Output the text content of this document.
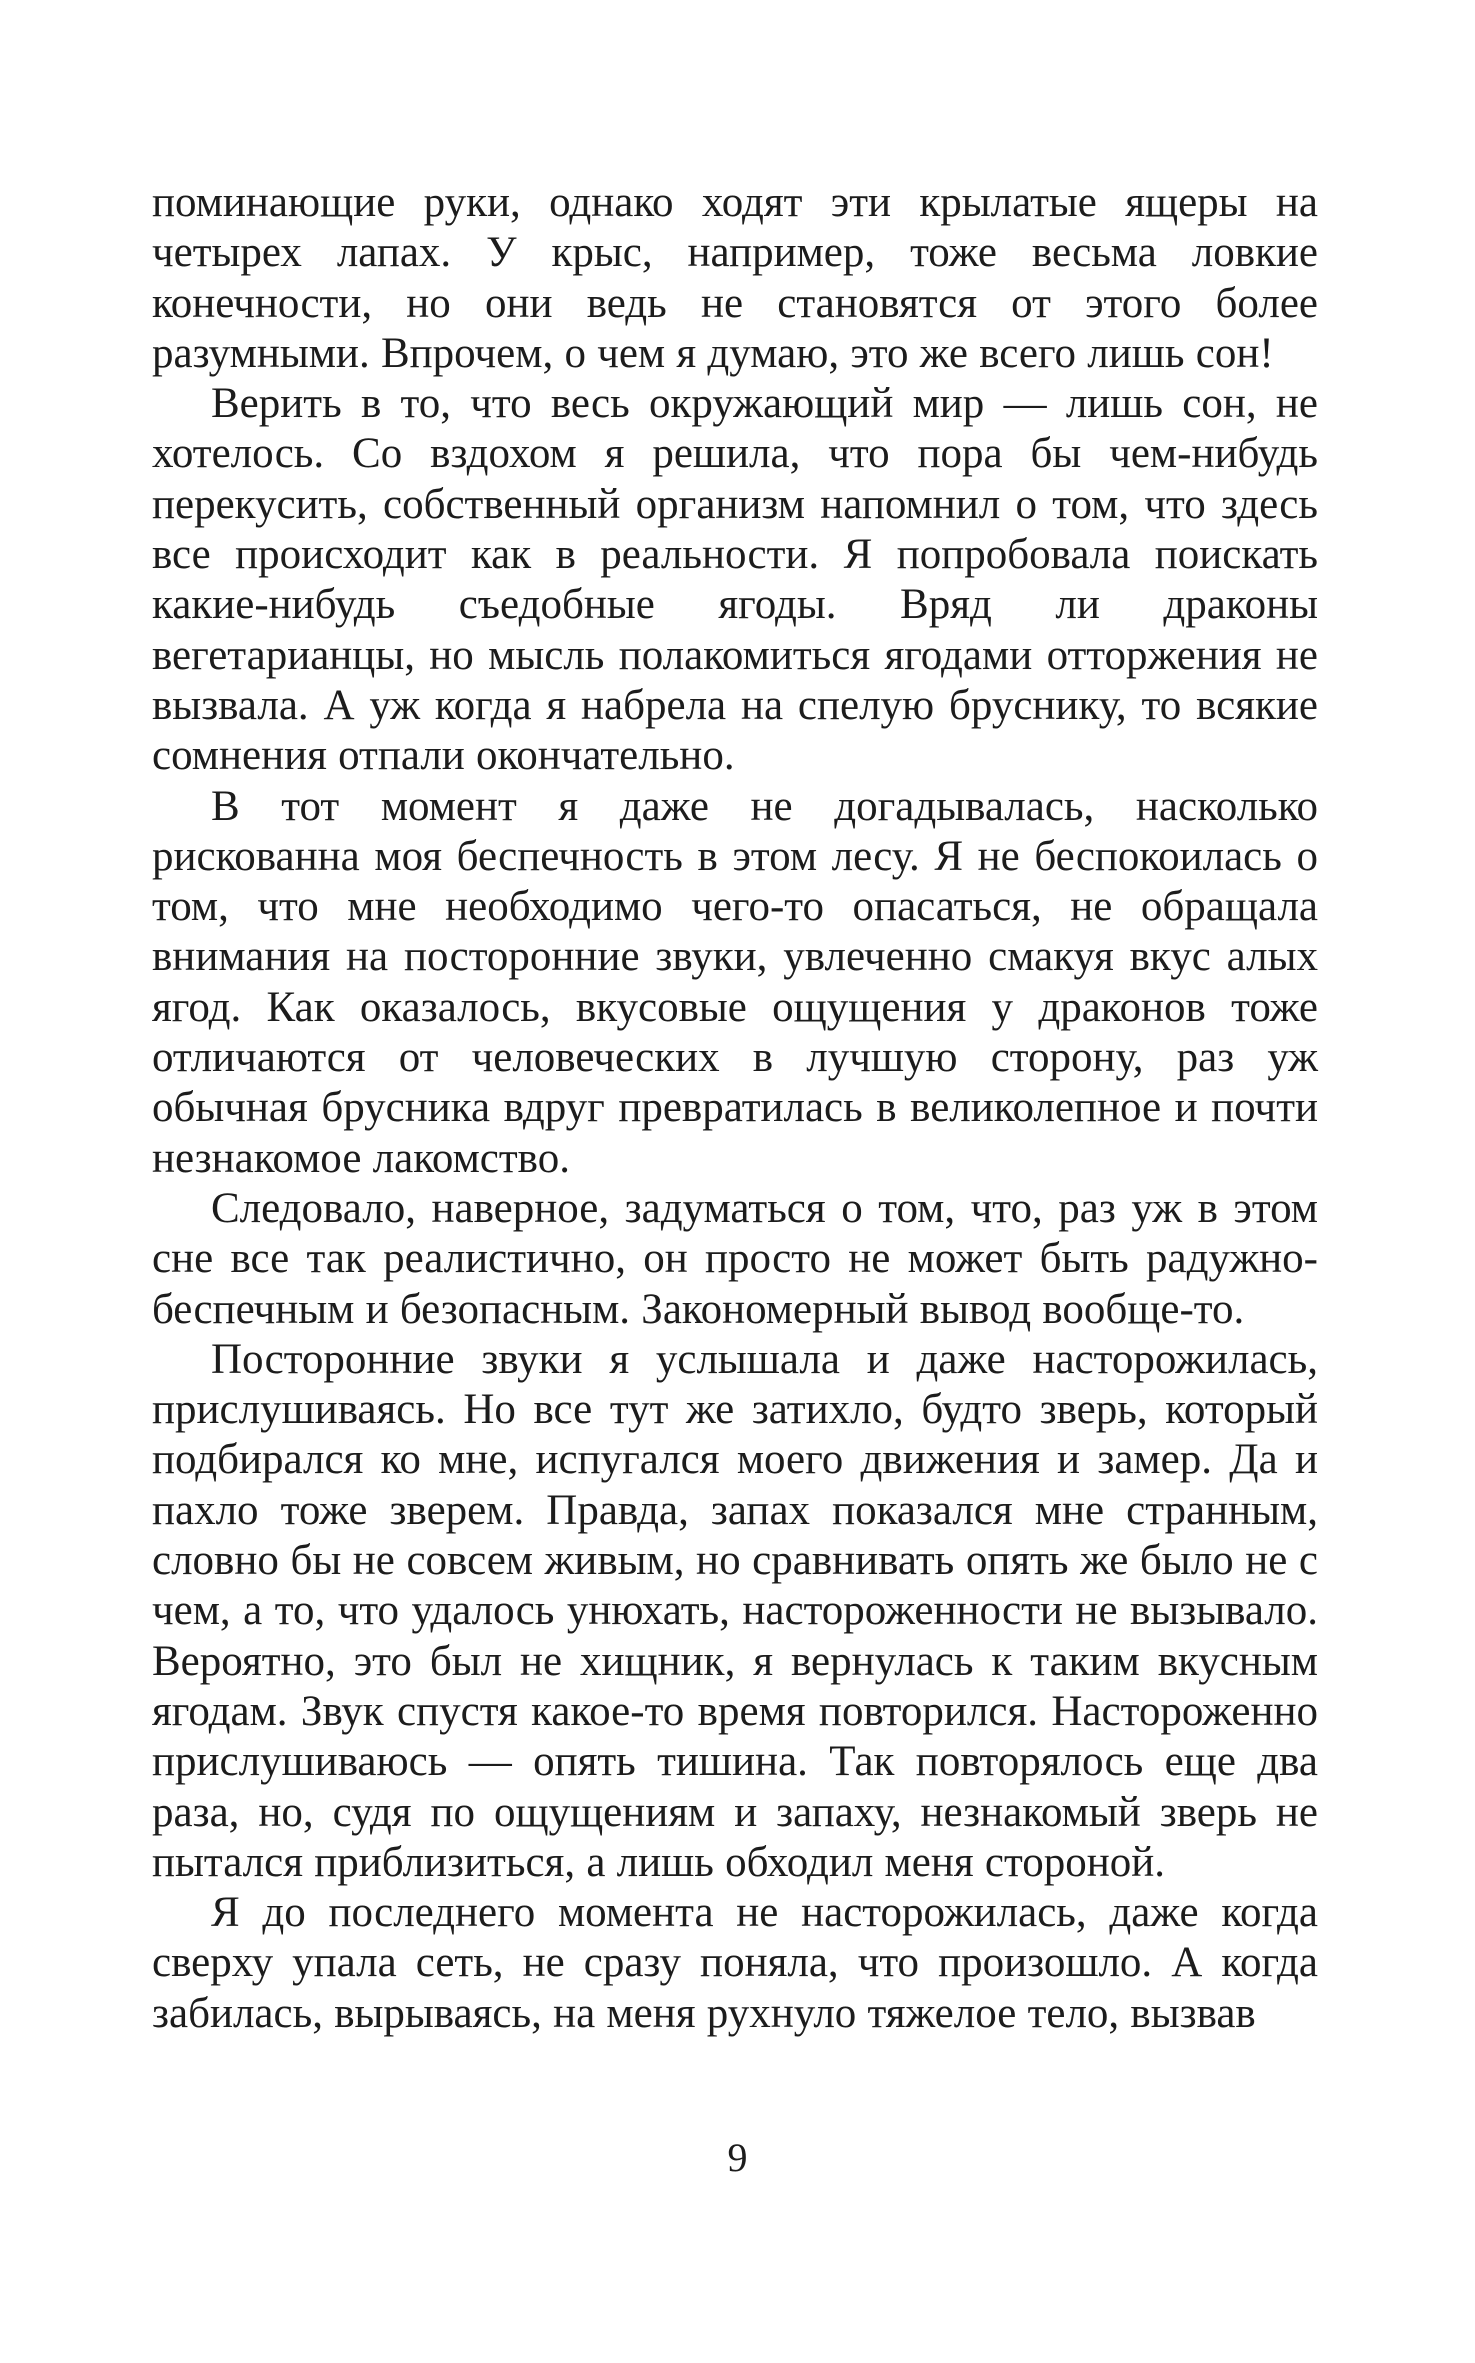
поминающие руки, однако ходят эти крылатые ящеры на четырех лапах. У крыс, например, тоже весьма ловкие конечности, но они ведь не становятся от этого более разумными. Впрочем, о чем я думаю, это же всего лишь сон!

Верить в то, что весь окружающий мир — лишь сон, не хотелось. Со вздохом я решила, что пора бы чем-нибудь перекусить, собственный организм напомнил о том, что здесь все происходит как в реальности. Я попробовала поискать какие-нибудь съедобные ягоды. Вряд ли драконы вегетарианцы, но мысль полакомиться ягодами отторжения не вызвала. А уж когда я набрела на спелую бруснику, то всякие сомнения отпали окончательно.

В тот момент я даже не догадывалась, насколько рискованна моя беспечность в этом лесу. Я не беспокоилась о том, что мне необходимо чего-то опасаться, не обращала внимания на посторонние звуки, увлеченно смакуя вкус алых ягод. Как оказалось, вкусовые ощущения у драконов тоже отличаются от человеческих в лучшую сторону, раз уж обычная брусника вдруг превратилась в великолепное и почти незнакомое лакомство.

Следовало, наверное, задуматься о том, что, раз уж в этом сне все так реалистично, он просто не может быть радужно-беспечным и безопасным. Закономерный вывод вообще-то.

Посторонние звуки я услышала и даже насторожилась, прислушиваясь. Но все тут же затихло, будто зверь, который подбирался ко мне, испугался моего движения и замер. Да и пахло тоже зверем. Правда, запах показался мне странным, словно бы не совсем живым, но сравнивать опять же было не с чем, а то, что удалось унюхать, настороженности не вызывало. Вероятно, это был не хищник, я вернулась к таким вкусным ягодам. Звук спустя какое-то время повторился. Настороженно прислушиваюсь — опять тишина. Так повторялось еще два раза, но, судя по ощущениям и запаху, незнакомый зверь не пытался приблизиться, а лишь обходил меня стороной.

Я до последнего момента не насторожилась, даже когда сверху упала сеть, не сразу поняла, что произошло. А когда забилась, вырываясь, на меня рухнуло тяжелое тело, вызвав

9
